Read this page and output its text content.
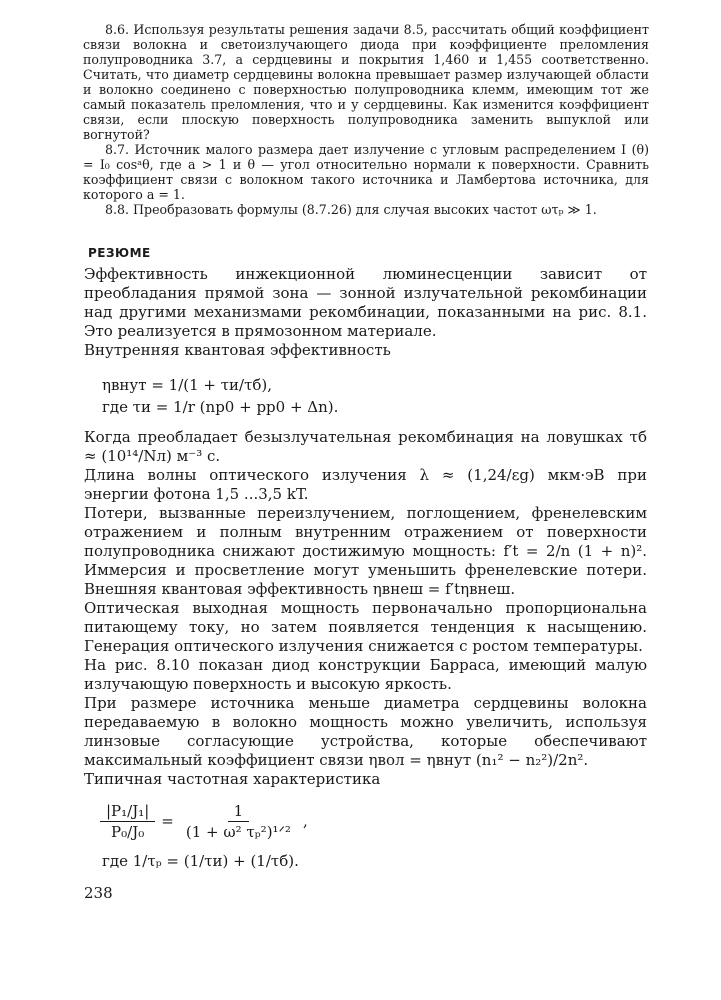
8.6. Используя результаты решения задачи 8.5, рассчитать общий коэффициент связи волокна и светоизлучающего диода при коэффициенте преломления полупроводника 3.7, а сердцевины и покрытия 1,460 и 1,455 соответственно. Считать, что диаметр сердцевины волокна превышает размер излучающей области и волокно соединено с поверхностью полупроводника клемм, имеющим тот же самый показатель преломления, что и у сердцевины. Как изменится коэффициент связи, если плоскую поверхность полупроводника заменить выпуклой или вогнутой?

8.7. Источник малого размера дает излучение с угловым распределением I (θ) = I₀ cosᵃθ, где a > 1 и θ — угол относительно нормали к поверхности. Сравнить коэффициент связи с волокном такого источника и Ламбертова источника, для которого a = 1.

8.8. Преобразовать формулы (8.7.26) для случая высоких частот ωτₚ ≫ 1.

РЕЗЮМЕ

Эффективность инжекционной люминесценции зависит от преобладания прямой зона — зонной излучательной рекомбинации над другими механизмами рекомбинации, показанными на рис. 8.1. Это реализуется в прямозонном материале.

Внутренняя квантовая эффективность

ηвнут = 1/(1 + τи/τб),
где τи = 1/r (np0 + pp0 + Δn).

Когда преобладает безызлучательная рекомбинация на ловушках τб ≈ (10¹⁴/Nл) м⁻³ с.

Длина волны оптического излучения λ ≈ (1,24/εg) мкм·эВ при энергии фотона 1,5 ...3,5 kT.

Потери, вызванные переизлучением, поглощением, френелевским отражением и полным внутренним отражением от поверхности полупроводника снижают достижимую мощность: f′t = 2/n (1 + n)². Иммерсия и просветление могут уменьшить френелевские потери. Внешняя квантовая эффективность ηвнеш = f′tηвнеш.

Оптическая выходная мощность первоначально пропорциональна питающему току, но затем появляется тенденция к насыщению. Генерация оптического излучения снижается с ростом температуры.

На рис. 8.10 показан диод конструкции Барраса, имеющий малую излучающую поверхность и высокую яркость.

При размере источника меньше диаметра сердцевины волокна передаваемую в волокно мощность можно увеличить, используя линзовые согласующие устройства, которые обеспечивают максимальный коэффициент связи ηвол = ηвнут (n₁² − n₂²)/2n².

Типичная частотная характеристика

$\frac{\text{|P₁/J₁|}}{\text{P₀/J₀}} = \frac{1}{\text{(1 + ω² τₚ²)¹ᐟ²}}$ ,
где 1/τₚ = (1/τи) + (1/τб).
238
